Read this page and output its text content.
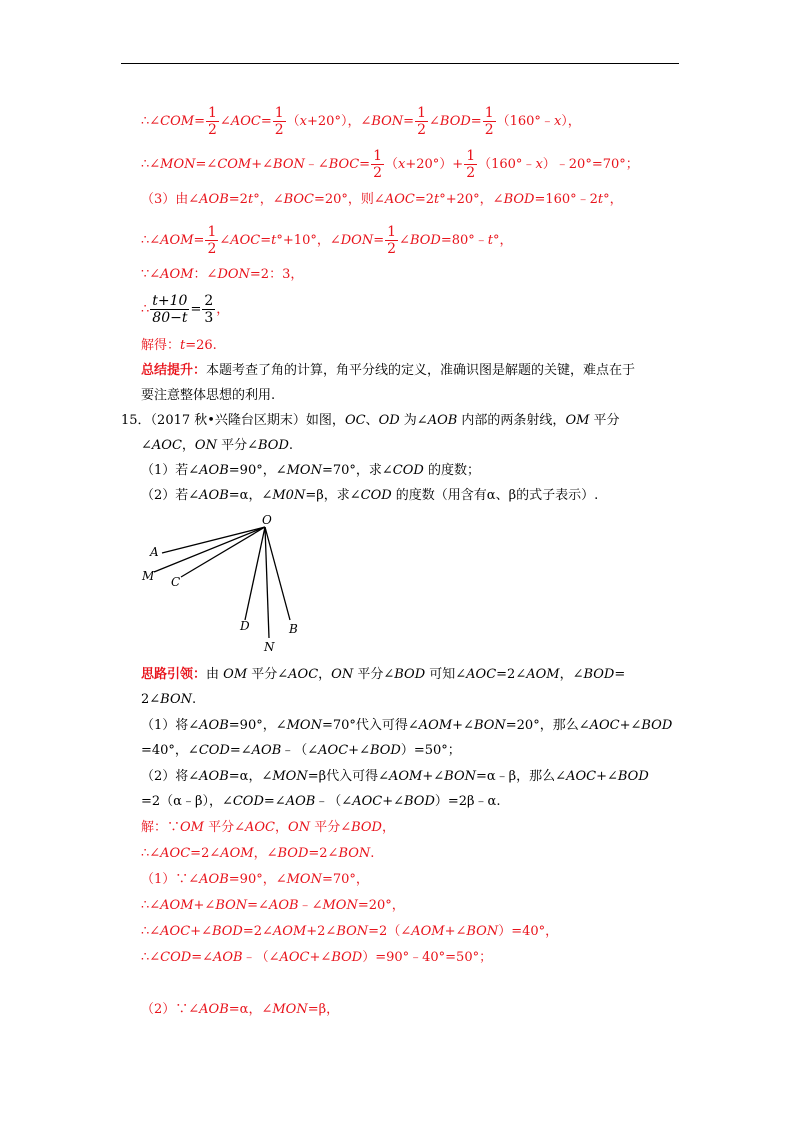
∴∠COM= $\frac{1}{2}$ ∠AOC= $\frac{1}{2} (x+20^\circ)$，∠BON= $\frac{1}{2}$ ∠BOD= $\frac{1}{2}$ （160°﹣x），
∴∠MON=∠COM+∠BON﹣∠BOC= $\frac{1}{2} (x+20^\circ)+ \frac{1}{2}$ （160°﹣x）﹣20°=70°；
（3）由∠AOB=2t°，∠BOC=20°，则∠AOC=2t°+20°，∠BOD=160°﹣2t°，
∴∠AOM= $\frac{1}{2}$ ∠AOC=t°+10°，∠DON= $\frac{1}{2}$ ∠BOD=80°﹣t°，
∵∠AOM：∠DON=2：3，
∴ $\frac{t+10}{80-t} = \frac{2}{3}$ ，
解得：t=26.
总结提升：本题考查了角的计算，角平分线的定义，准确识图是解题的关键，难点在于
要注意整体思想的利用.
15．（2017 秋•兴隆台区期末）如图，OC、OD 为∠AOB 内部的两条射线，OM 平分
∠AOC，ON 平分∠BOD.
（1）若∠AOB=90°，∠MON=70°，求∠COD 的度数；
（2）若∠AOB=α，∠M0N=β，求∠COD 的度数（用含有α、β的式子表示）.
O
A
M C
D
N
B
思路引领：由 OM 平分∠AOC，ON 平分∠BOD 可知∠AOC=2∠AOM，∠BOD=
2∠BON.
（1）将∠AOB=90°，∠MON=70°代入可得∠AOM+∠BON=20°，那么∠AOC+∠BOD
=40°，∠COD=∠AOB﹣（∠AOC+∠BOD）=50°；
（2）将∠AOB=α，∠MON=β代入可得∠AOM+∠BON=α﹣β，那么∠AOC+∠BOD
=2（α﹣β），∠COD=∠AOB﹣（∠AOC+∠BOD）=2β﹣α.
解：∵OM 平分∠AOC，ON 平分∠BOD，
∴∠AOC=2∠AOM，∠BOD=2∠BON.
（1）∵∠AOB=90°，∠MON=70°，
∴∠AOM+∠BON=∠AOB﹣∠MON=20°，
∴∠AOC+∠BOD=2∠AOM+2∠BON=2（∠AOM+∠BON）=40°，
∴∠COD=∠AOB﹣（∠AOC+∠BOD）=90°﹣40°=50°；
（2）∵∠AOB=α，∠MON=β，
